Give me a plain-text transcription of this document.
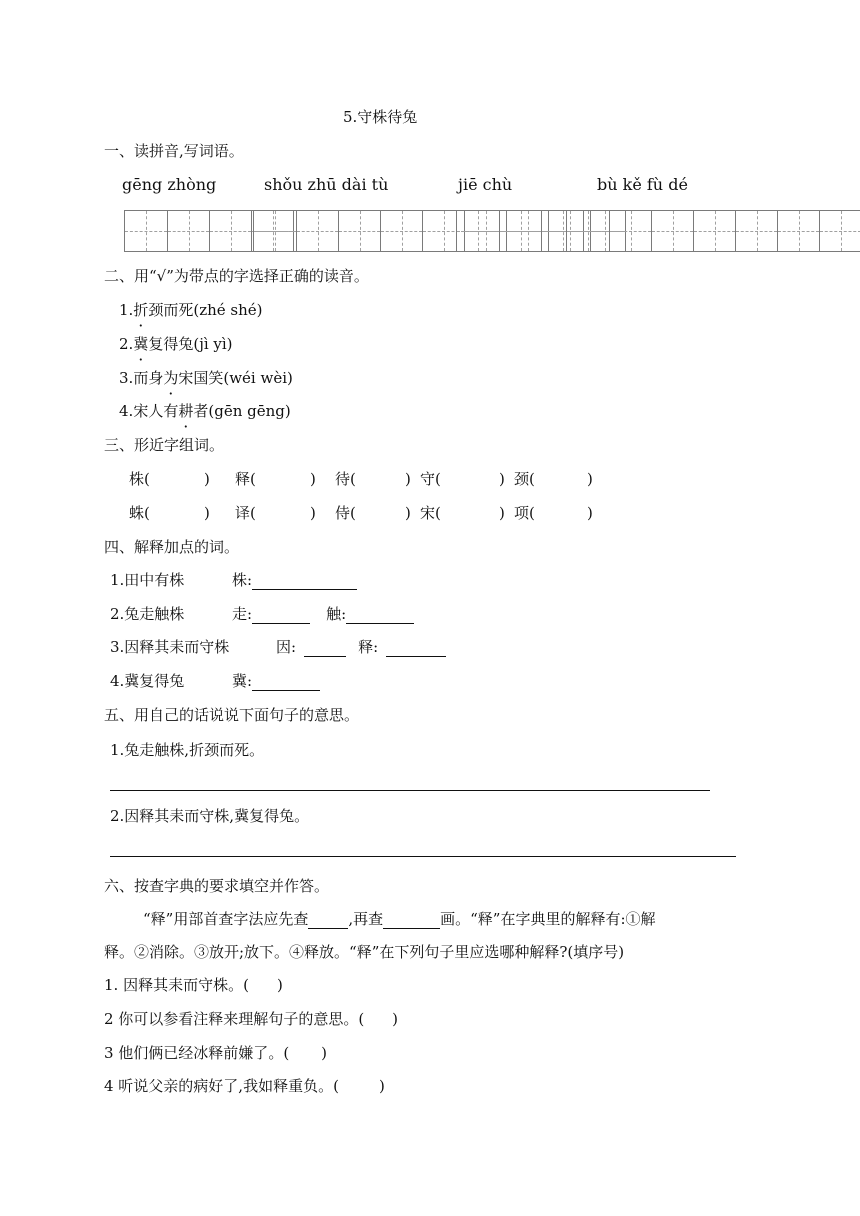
5.守株待兔
一、读拼音,写词语。
gēng zhòng	shǒu zhū dài tù	jiē chù	bù kě fù dé
二、用“√”为带点的字选择正确的读音。
1.折颈而死(zhé shé)
2.冀复得兔(jì yì)
3.而身为宋国笑(wéi wèi)
4.宋人有耕者(gēn gēng)
三、形近字组词。
株(	) 释(	) 待(	) 守(	) 颈(	)
蛛(	) 译(	) 侍(	) 宋(	) 项(	)
四、解释加点的词。
1.田中有株	株:
2.兔走触株	走:	触:
3.因释其耒而守株	因:	释:
4.冀复得兔	冀:
五、用自己的话说说下面句子的意思。
1.兔走触株,折颈而死。
2.因释其耒而守株,冀复得兔。
六、按查字典的要求填空并作答。
“释”用部首查字法应先查	,再查	画。“释”在字典里的解释有:①解
释。②消除。③放开;放下。④释放。“释”在下列句子里应选哪种解释?(填序号)
1. 因释其耒而守株。( )
2 你可以参看注释来理解句子的意思。( )
3 他们俩已经冰释前嫌了。( )
4 听说父亲的病好了,我如释重负。(	)
